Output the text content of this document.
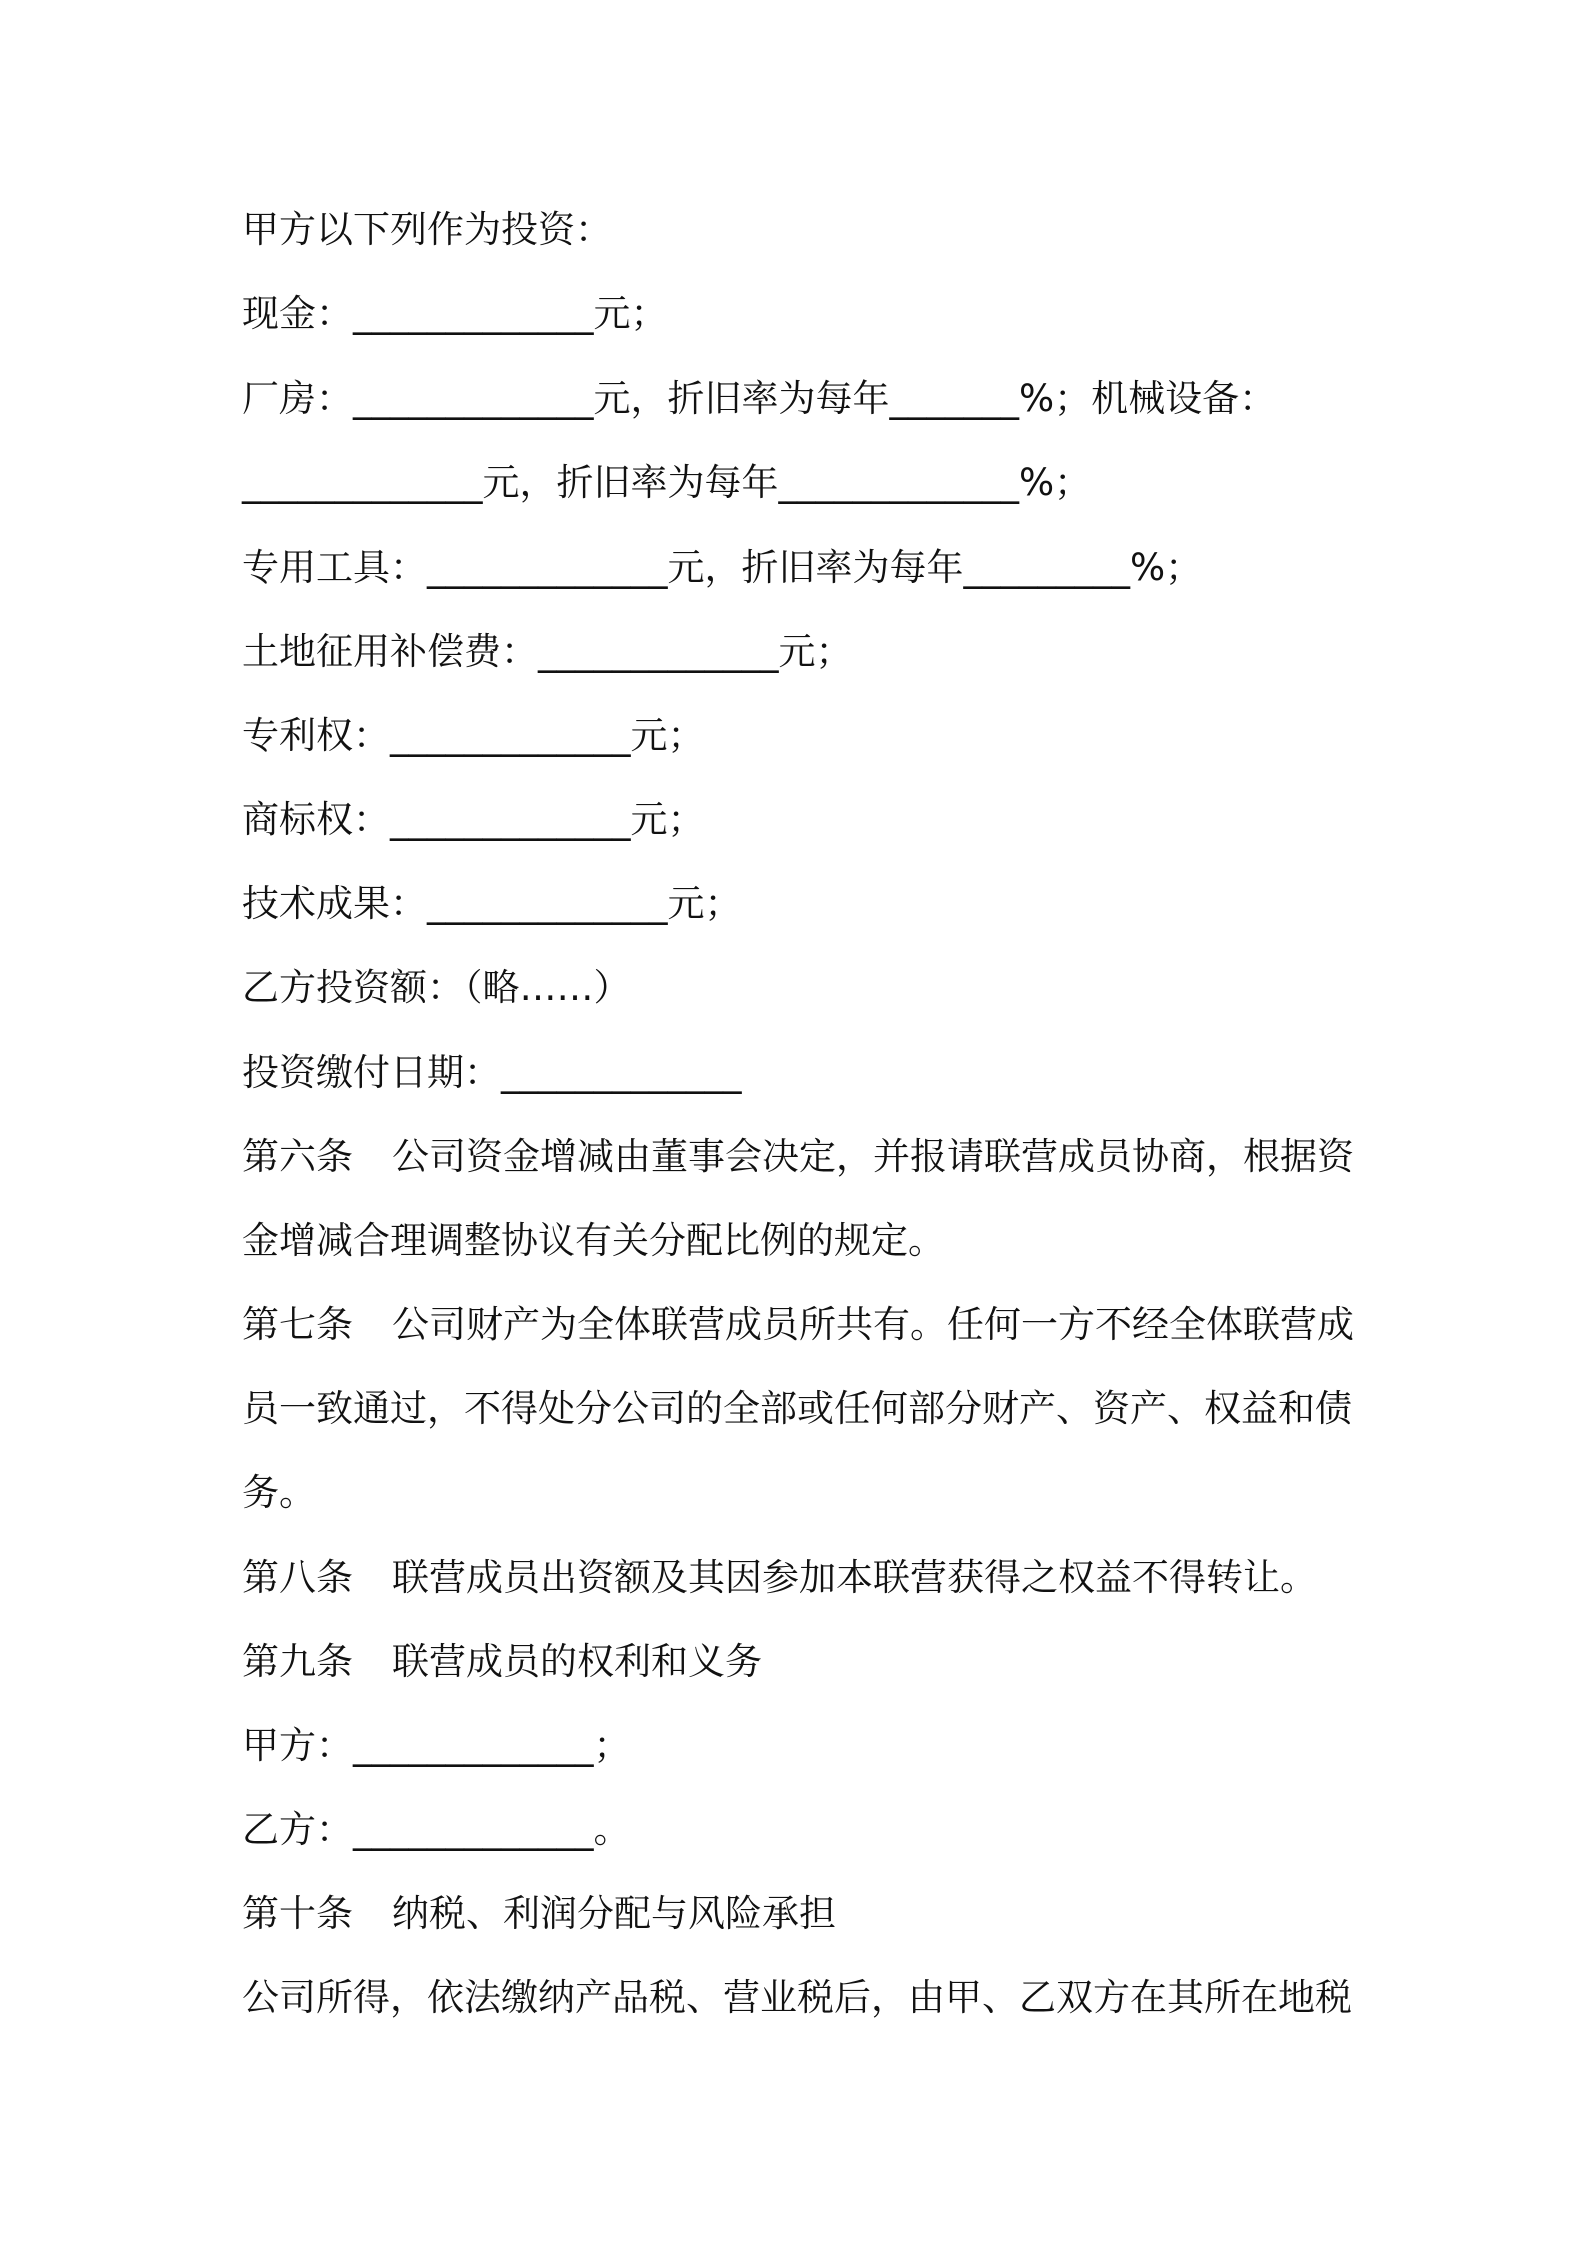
甲方以下列作为投资：
现金：_____________元；
厂房：_____________元，折旧率为每年_______%；机械设备：
_____________元，折旧率为每年_____________%；
专用工具：_____________元，折旧率为每年_________%；
土地征用补偿费：_____________元；
专利权：_____________元；
商标权：_____________元；
技术成果：_____________元；
乙方投资额：（略……）
投资缴付日期：_____________
第六条 公司资金增减由董事会决定，并报请联营成员协商，根据资
金增减合理调整协议有关分配比例的规定。
第七条 公司财产为全体联营成员所共有。任何一方不经全体联营成
员一致通过，不得处分公司的全部或任何部分财产、资产、权益和债
务。
第八条 联营成员出资额及其因参加本联营获得之权益不得转让。
第九条 联营成员的权利和义务
甲方：_____________；
乙方：_____________。
第十条 纳税、利润分配与风险承担
公司所得，依法缴纳产品税、营业税后，由甲、乙双方在其所在地税
